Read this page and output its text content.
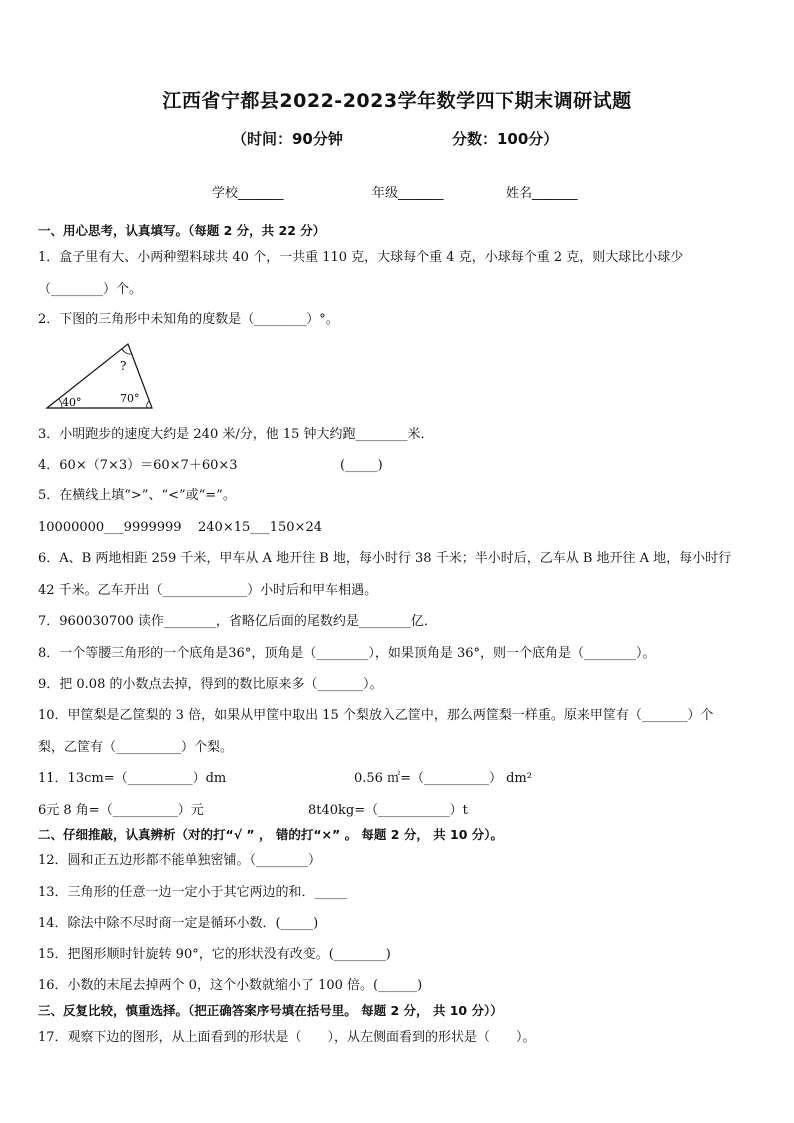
江西省宁都县2022-2023学年数学四下期末调研试题
（时间：90分钟	分数：100分）
学校_______	年级_______	姓名_______
一、用心思考，认真填写。（每题 2 分，共 22 分）
1．盒子里有大、小两种塑料球共 40 个，一共重 110 克，大球每个重 4 克，小球每个重 2 克，则大球比小球少
（________）个。
2．下图的三角形中未知角的度数是（________）°。
?
40°	70°
3．小明跑步的速度大约是 240 米/分，他 15 钟大约跑________米．
4．60×（7×3）＝60×7＋60×3	(_____)
5．在横线上填“>”、“<”或“=”。
10000000___9999999 240×15___150×24
6．A、B 两地相距 259 千米，甲车从 A 地开往 B 地，每小时行 38 千米；半小时后，乙车从 B 地开往 A 地，每小时行
42 千米。乙车开出（_____________）小时后和甲车相遇。
7．960030700 读作________，省略亿后面的尾数约是________亿．
8．一个等腰三角形的一个底角是36°，顶角是（________），如果顶角是 36°，则一个底角是（________）。
9．把 0.08 的小数点去掉，得到的数比原来多（_______）。
10．甲筐梨是乙筐梨的 3 倍，如果从甲筐中取出 15 个梨放入乙筐中，那么两筐梨一样重。原来甲筐有（_______）个
梨，乙筐有（__________）个梨。
11．13cm=（__________）dm	0.56 ㎡=（__________） dm²
6元 8 角=（__________）元	8t40kg=（___________）t
二、仔细推敲，认真辨析（对的打“√ ” ， 错的打“×” 。 每题 2 分， 共 10 分）。
12．圆和正五边形都不能单独密铺。（________）
13．三角形的任意一边一定小于其它两边的和．_____
14．除法中除不尽时商一定是循环小数．(_____)
15．把图形顺时针旋转 90°，它的形状没有改变。(________)
16．小数的末尾去掉两个 0，这个小数就缩小了 100 倍。(______)
三、反复比较，慎重选择。（把正确答案序号填在括号里。 每题 2 分， 共 10 分））
17．观察下边的图形，从上面看到的形状是（　　），从左侧面看到的形状是（　　）。
